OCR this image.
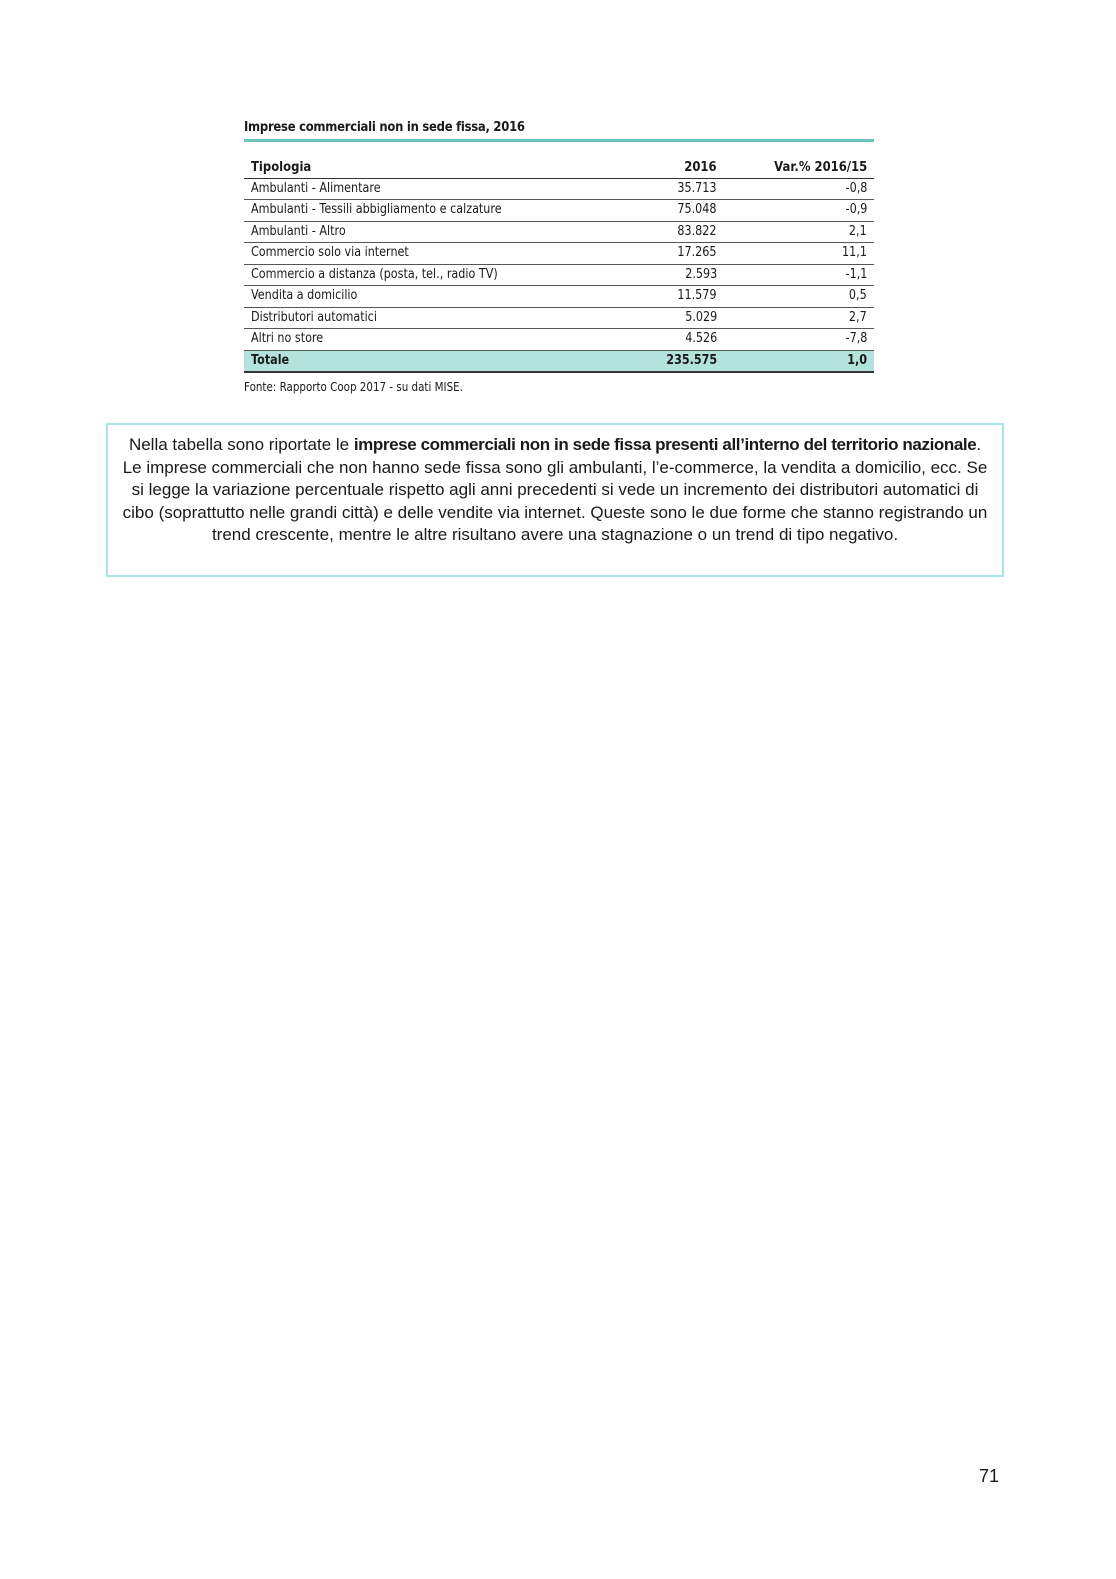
Imprese commerciali non in sede fissa, 2016
Tipologia	2016	Var.% 2016/15
Ambulanti - Alimentare	35.713	-0,8
Ambulanti - Tessili abbigliamento e calzature	75.048	-0,9
Ambulanti - Altro	83.822	2,1
Commercio solo via internet	17.265	11,1
Commercio a distanza (posta, tel., radio TV)	2.593	-1,1
Vendita a domicilio	11.579	0,5
Distributori automatici	5.029	2,7
Altri no store	4.526	-7,8
Totale	235.575	1,0
Fonte: Rapporto Coop 2017 - su dati MISE.
Nella tabella sono riportate le imprese commerciali non in sede fissa presenti all’interno del territorio nazionale. Le imprese commerciali che non hanno sede fissa sono gli ambulanti, l’e-commerce, la vendita a domicilio, ecc. Se si legge la variazione percentuale rispetto agli anni precedenti si vede un incremento dei distributori automatici di cibo (soprattutto nelle grandi città) e delle vendite via internet. Queste sono le due forme che stanno registrando un trend crescente, mentre le altre risultano avere una stagnazione o un trend di tipo negativo.
71
